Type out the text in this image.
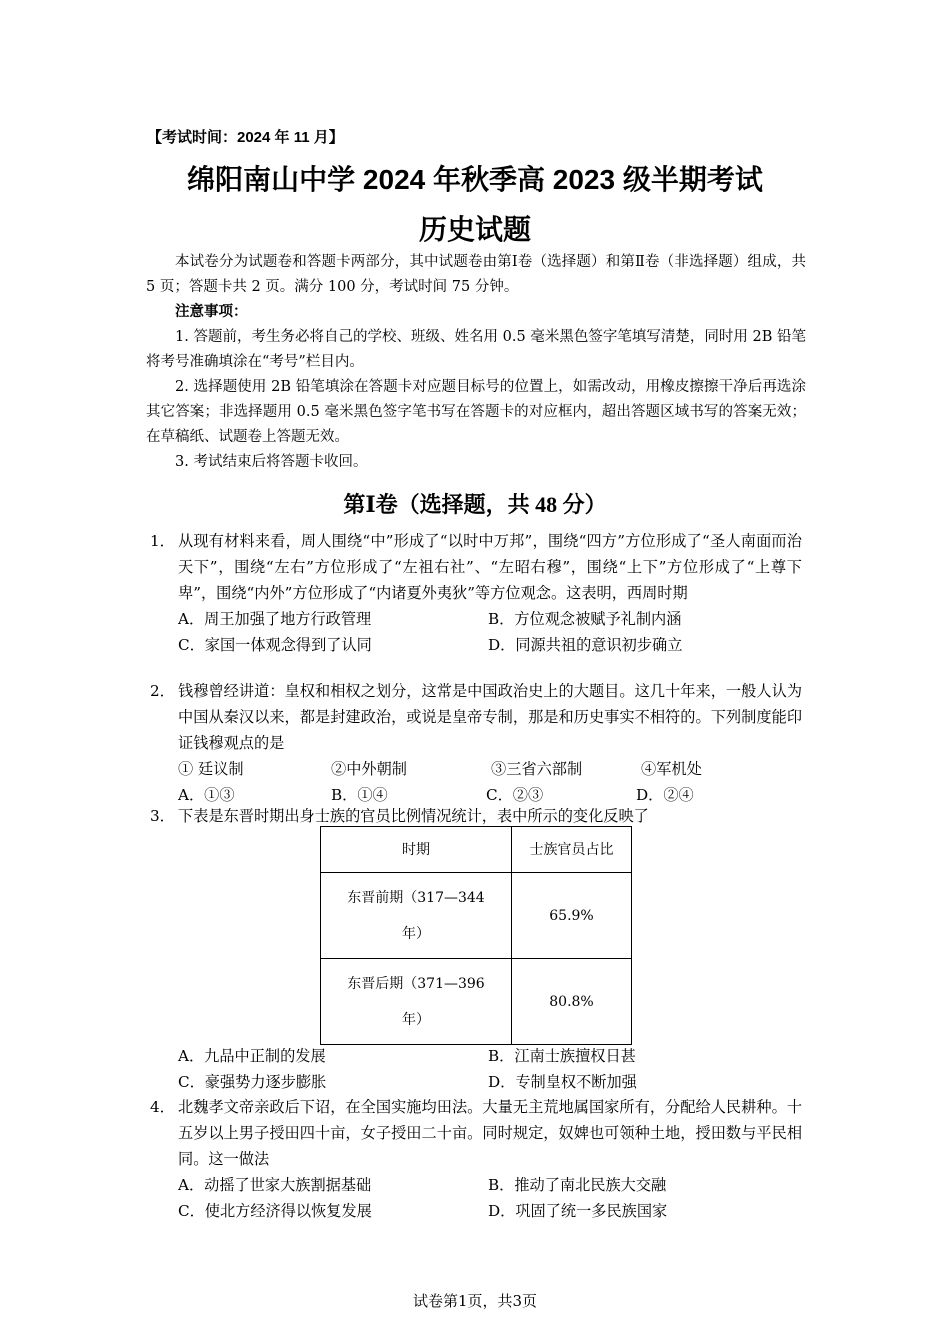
【考试时间：2024 年 11 月】
绵阳南山中学 2024 年秋季高 2023 级半期考试
历史试题
本试卷分为试题卷和答题卡两部分，其中试题卷由第Ⅰ卷（选择题）和第Ⅱ卷（非选择题）组成，共 5 页；答题卡共 2 页。满分 100 分，考试时间 75 分钟。
注意事项：
1. 答题前，考生务必将自己的学校、班级、姓名用 0.5 毫米黑色签字笔填写清楚，同时用 2B 铅笔将考号准确填涂在“考号”栏目内。
2. 选择题使用 2B 铅笔填涂在答题卡对应题目标号的位置上，如需改动，用橡皮擦擦干净后再选涂其它答案；非选择题用 0.5 毫米黑色签字笔书写在答题卡的对应框内，超出答题区域书写的答案无效；在草稿纸、试题卷上答题无效。
3. 考试结束后将答题卡收回。
第Ⅰ卷（选择题，共 48 分）
1． 从现有材料来看，周人围绕“中”形成了“以时中万邦”，围绕“四方”方位形成了“圣人南面而治天下”，围绕“左右”方位形成了“左祖右社”、“左昭右穆”，围绕“上下”方位形成了“上尊下卑”，围绕“内外”方位形成了“内诸夏外夷狄”等方位观念。这表明，西周时期
A．周王加强了地方行政管理	B．方位观念被赋予礼制内涵
C．家国一体观念得到了认同	D．同源共祖的意识初步确立
2． 钱穆曾经讲道：皇权和相权之划分，这常是中国政治史上的大题目。这几十年来，一般人认为中国从秦汉以来，都是封建政治，或说是皇帝专制，那是和历史事实不相符的。下列制度能印证钱穆观点的是
① 廷议制	②中外朝制	③三省六部制	④军机处
A．①③	B．①④	C．②③	D．②④
3． 下表是东晋时期出身士族的官员比例情况统计，表中所示的变化反映了
时期	士族官员占比

东晋前期（317—344
年）	65.9%

东晋后期（371—396
年）	80.8%
A．九品中正制的发展	B．江南士族擅权日甚
C．豪强势力逐步膨胀	D．专制皇权不断加强
4． 北魏孝文帝亲政后下诏，在全国实施均田法。大量无主荒地属国家所有，分配给人民耕种。十五岁以上男子授田四十亩，女子授田二十亩。同时规定，奴婢也可领种土地，授田数与平民相同。这一做法
A．动摇了世家大族割据基础	B．推动了南北民族大交融
C．使北方经济得以恢复发展	D．巩固了统一多民族国家
试卷第1页，共3页
